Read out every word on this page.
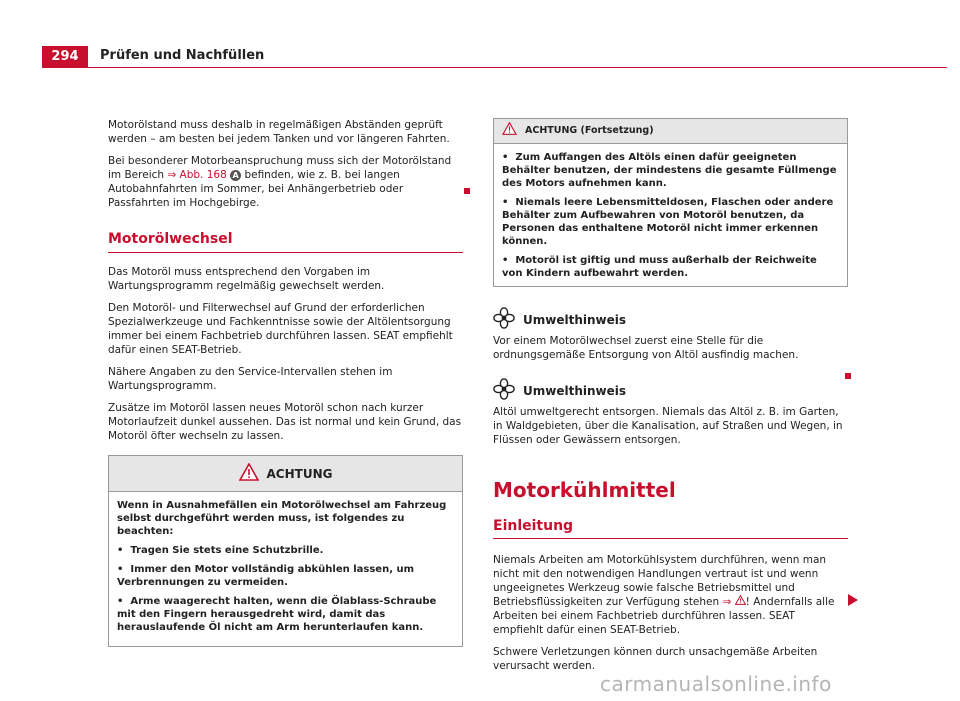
294	Prüfen und Nachfüllen

Motorölstand muss deshalb in regelmäßigen Abständen geprüft werden – am besten bei jedem Tanken und vor längeren Fahrten.

Bei besonderer Motorbeanspruchung muss sich der Motorölstand im Bereich ⇒ Abb. 168 A befinden, wie z. B. bei langen Autobahnfahrten im Sommer, bei Anhängerbetrieb oder Passfahrten im Hochgebirge.

Motorölwechsel

Das Motoröl muss entsprechend den Vorgaben im Wartungsprogramm regelmäßig gewechselt werden.

Den Motoröl- und Filterwechsel auf Grund der erforderlichen Spezialwerkzeuge und Fachkenntnisse sowie der Altölentsorgung immer bei einem Fachbetrieb durchführen lassen. SEAT empfiehlt dafür einen SEAT-Betrieb.

Nähere Angaben zu den Service-Intervallen stehen im Wartungsprogramm.

Zusätze im Motoröl lassen neues Motoröl schon nach kurzer Motorlaufzeit dunkel aussehen. Das ist normal und kein Grund, das Motoröl öfter wechseln zu lassen.

ACHTUNG

Wenn in Ausnahmefällen ein Motorölwechsel am Fahrzeug selbst durchgeführt werden muss, ist folgendes zu beachten:

•  Tragen Sie stets eine Schutzbrille.

•  Immer den Motor vollständig abkühlen lassen, um Verbrennungen zu vermeiden.

•  Arme waagerecht halten, wenn die Ölablass-Schraube mit den Fingern herausgedreht wird, damit das herauslaufende Öl nicht am Arm herunterlaufen kann.

ACHTUNG (Fortsetzung)

•  Zum Auffangen des Altöls einen dafür geeigneten Behälter benutzen, der mindestens die gesamte Füllmenge des Motors aufnehmen kann.

•  Niemals leere Lebensmitteldosen, Flaschen oder andere Behälter zum Aufbewahren von Motoröl benutzen, da Personen das enthaltene Motoröl nicht immer erkennen können.

•  Motoröl ist giftig und muss außerhalb der Reichweite von Kindern aufbewahrt werden.

Umwelthinweis

Vor einem Motorölwechsel zuerst eine Stelle für die ordnungsgemäße Entsorgung von Altöl ausfindig machen.

Umwelthinweis

Altöl umweltgerecht entsorgen. Niemals das Altöl z. B. im Garten, in Waldgebieten, über die Kanalisation, auf Straßen und Wegen, in Flüssen oder Gewässern entsorgen.

Motorkühlmittel
Einleitung

Niemals Arbeiten am Motorkühlsystem durchführen, wenn man nicht mit den notwendigen Handlungen vertraut ist und wenn ungeeignetes Werkzeug sowie falsche Betriebsmittel und Betriebsflüssigkeiten zur Verfügung stehen ⇒ ! Andernfalls alle Arbeiten bei einem Fachbetrieb durchführen lassen. SEAT empfiehlt dafür einen SEAT-Betrieb.

Schwere Verletzungen können durch unsachgemäße Arbeiten verursacht werden.

carmanualsonline.info
